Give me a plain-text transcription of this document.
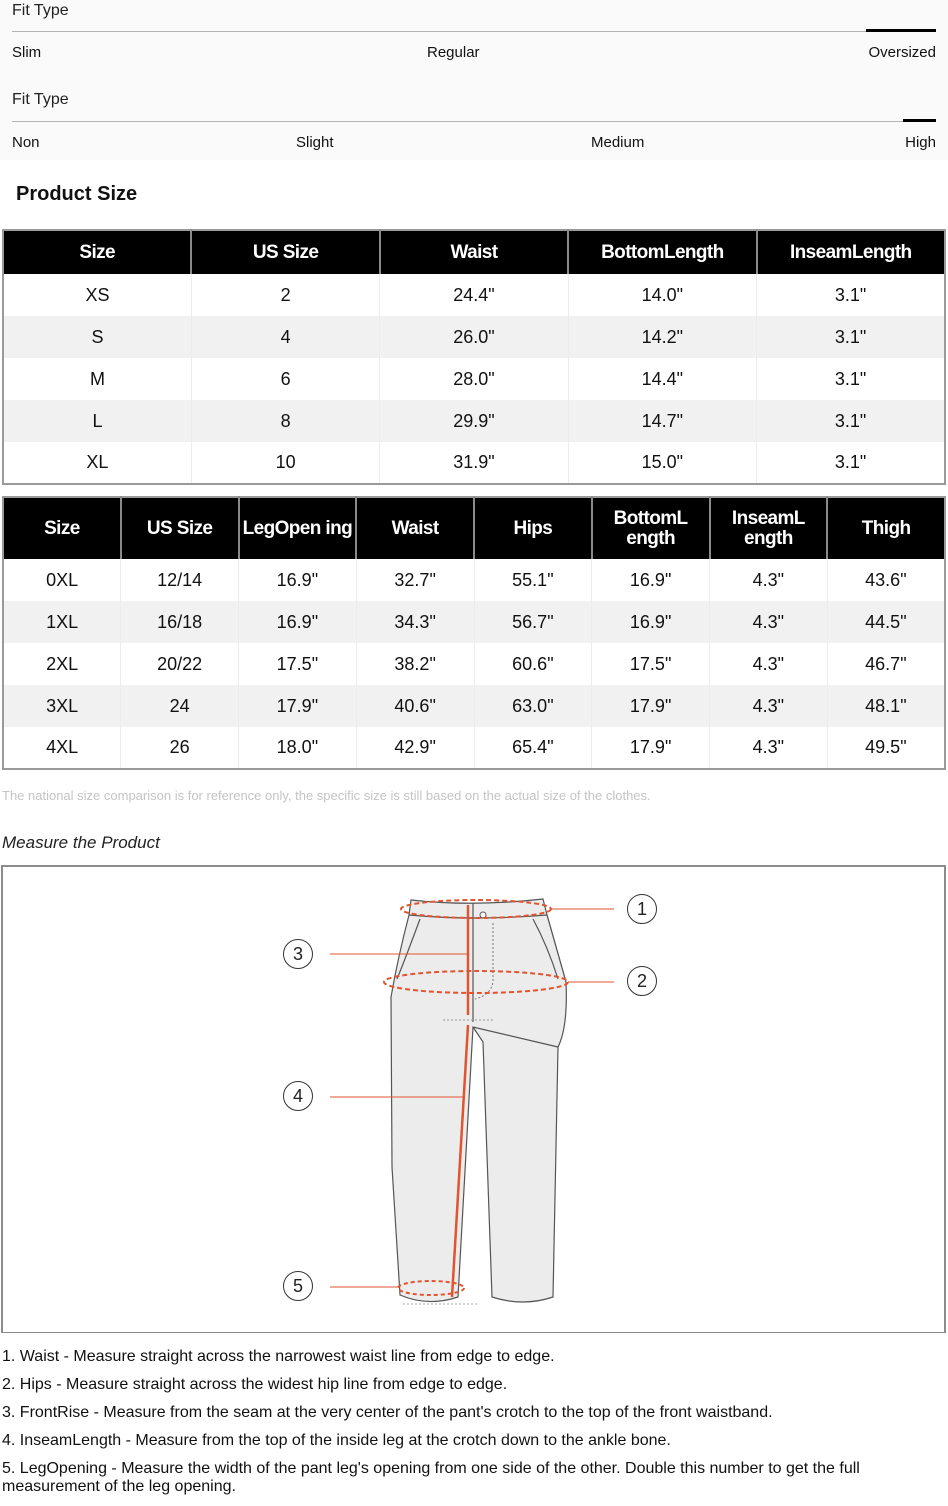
Fit Type
Slim	Regular	Oversized
Fit Type
Non	Slight	Medium	High
Product Size
Size	US Size	Waist	BottomLength	InseamLength
XS	2	24.4"	14.0"	3.1"
S	4	26.0"	14.2"	3.1"
M	6	28.0"	14.4"	3.1"
L	8	29.9"	14.7"	3.1"
XL	10	31.9"	15.0"	3.1"
Size	US Size	LegOpen ing	Waist	Hips	BottomL ength	InseamL ength	Thigh
0XL	12/14	16.9"	32.7"	55.1"	16.9"	4.3"	43.6"
1XL	16/18	16.9"	34.3"	56.7"	16.9"	4.3"	44.5"
2XL	20/22	17.5"	38.2"	60.6"	17.5"	4.3"	46.7"
3XL	24	17.9"	40.6"	63.0"	17.9"	4.3"	48.1"
4XL	26	18.0"	42.9"	65.4"	17.9"	4.3"	49.5"
The national size comparison is for reference only, the specific size is still based on the actual size of the clothes.
Measure the Product
1
2
3
4
5

1. Waist - Measure straight across the narrowest waist line from edge to edge.

2. Hips - Measure straight across the widest hip line from edge to edge.

3. FrontRise - Measure from the seam at the very center of the pant's crotch to the top of the front waistband.

4. InseamLength - Measure from the top of the inside leg at the crotch down to the ankle bone.

5. LegOpening - Measure the width of the pant leg's opening from one side of the other. Double this number to get the full measurement of the leg opening.
